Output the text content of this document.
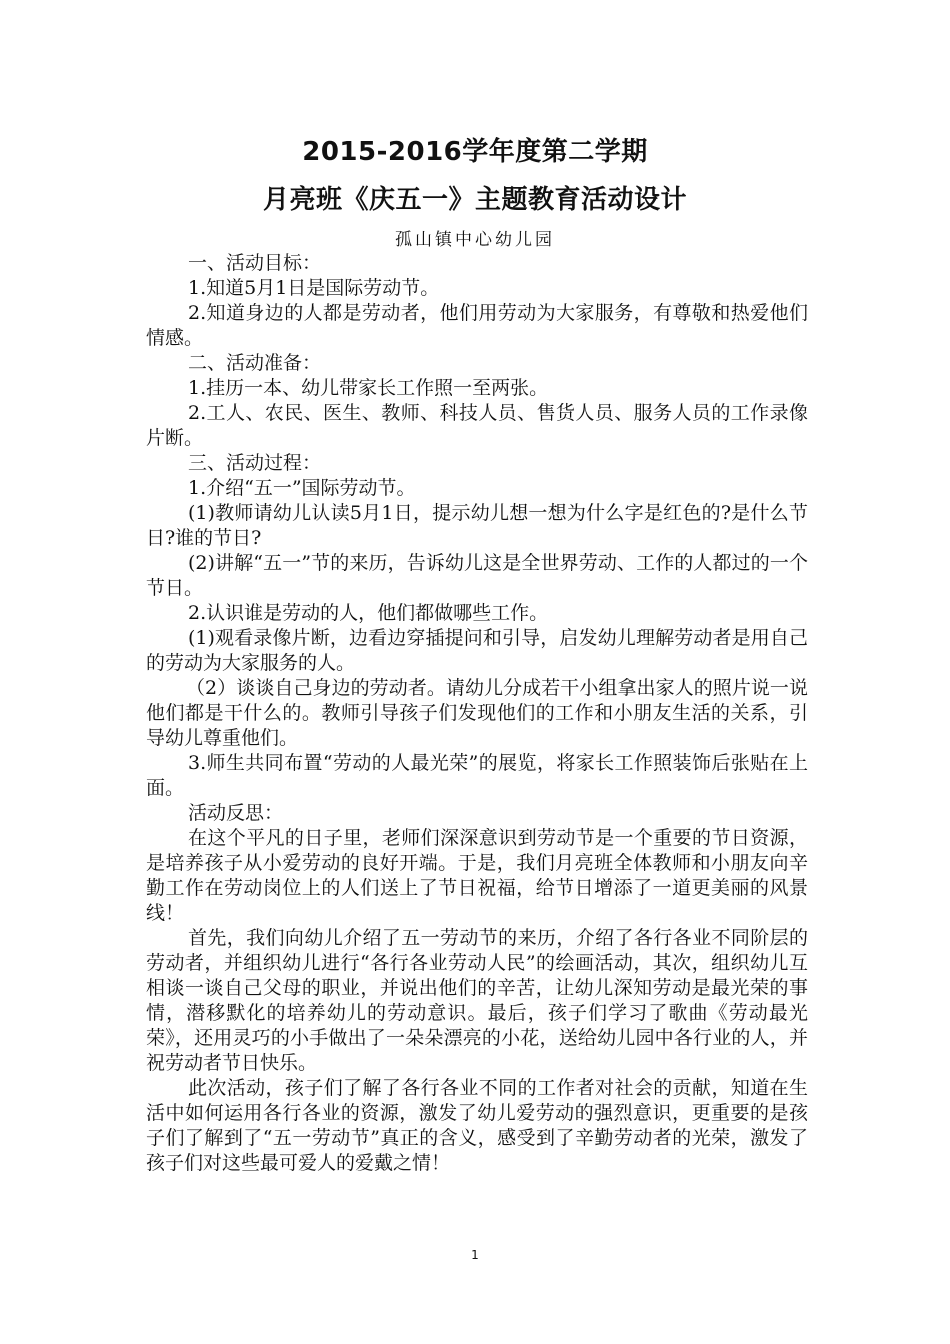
2015-2016学年度第二学期
月亮班《庆五一》主题教育活动设计
孤山镇中心幼儿园

一、活动目标：

1.知道5月1日是国际劳动节。

2.知道身边的人都是劳动者，他们用劳动为大家服务，有尊敬和热爱他们情感。

二、活动准备：

1.挂历一本、幼儿带家长工作照一至两张。

2.工人、农民、医生、教师、科技人员、售货人员、服务人员的工作录像片断。

三、活动过程：

1.介绍“五一”国际劳动节。

(1)教师请幼儿认读5月1日，提示幼儿想一想为什么字是红色的?是什么节日?谁的节日?

(2)讲解“五一”节的来历，告诉幼儿这是全世界劳动、工作的人都过的一个节日。

2.认识谁是劳动的人，他们都做哪些工作。

(1)观看录像片断，边看边穿插提问和引导，启发幼儿理解劳动者是用自己的劳动为大家服务的人。

（2）谈谈自己身边的劳动者。请幼儿分成若干小组拿出家人的照片说一说他们都是干什么的。教师引导孩子们发现他们的工作和小朋友生活的关系，引导幼儿尊重他们。

3.师生共同布置“劳动的人最光荣”的展览，将家长工作照装饰后张贴在上面。

活动反思：

在这个平凡的日子里，老师们深深意识到劳动节是一个重要的节日资源，是培养孩子从小爱劳动的良好开端。于是，我们月亮班全体教师和小朋友向辛勤工作在劳动岗位上的人们送上了节日祝福，给节日增添了一道更美丽的风景线！

首先，我们向幼儿介绍了五一劳动节的来历，介绍了各行各业不同阶层的劳动者，并组织幼儿进行“各行各业劳动人民”的绘画活动，其次，组织幼儿互相谈一谈自己父母的职业，并说出他们的辛苦，让幼儿深知劳动是最光荣的事情，潜移默化的培养幼儿的劳动意识。最后，孩子们学习了歌曲《劳动最光荣》，还用灵巧的小手做出了一朵朵漂亮的小花，送给幼儿园中各行业的人，并祝劳动者节日快乐。

此次活动，孩子们了解了各行各业不同的工作者对社会的贡献，知道在生活中如何运用各行各业的资源，激发了幼儿爱劳动的强烈意识，更重要的是孩子们了解到了“五一劳动节”真正的含义，感受到了辛勤劳动者的光荣，激发了孩子们对这些最可爱人的爱戴之情！

1
